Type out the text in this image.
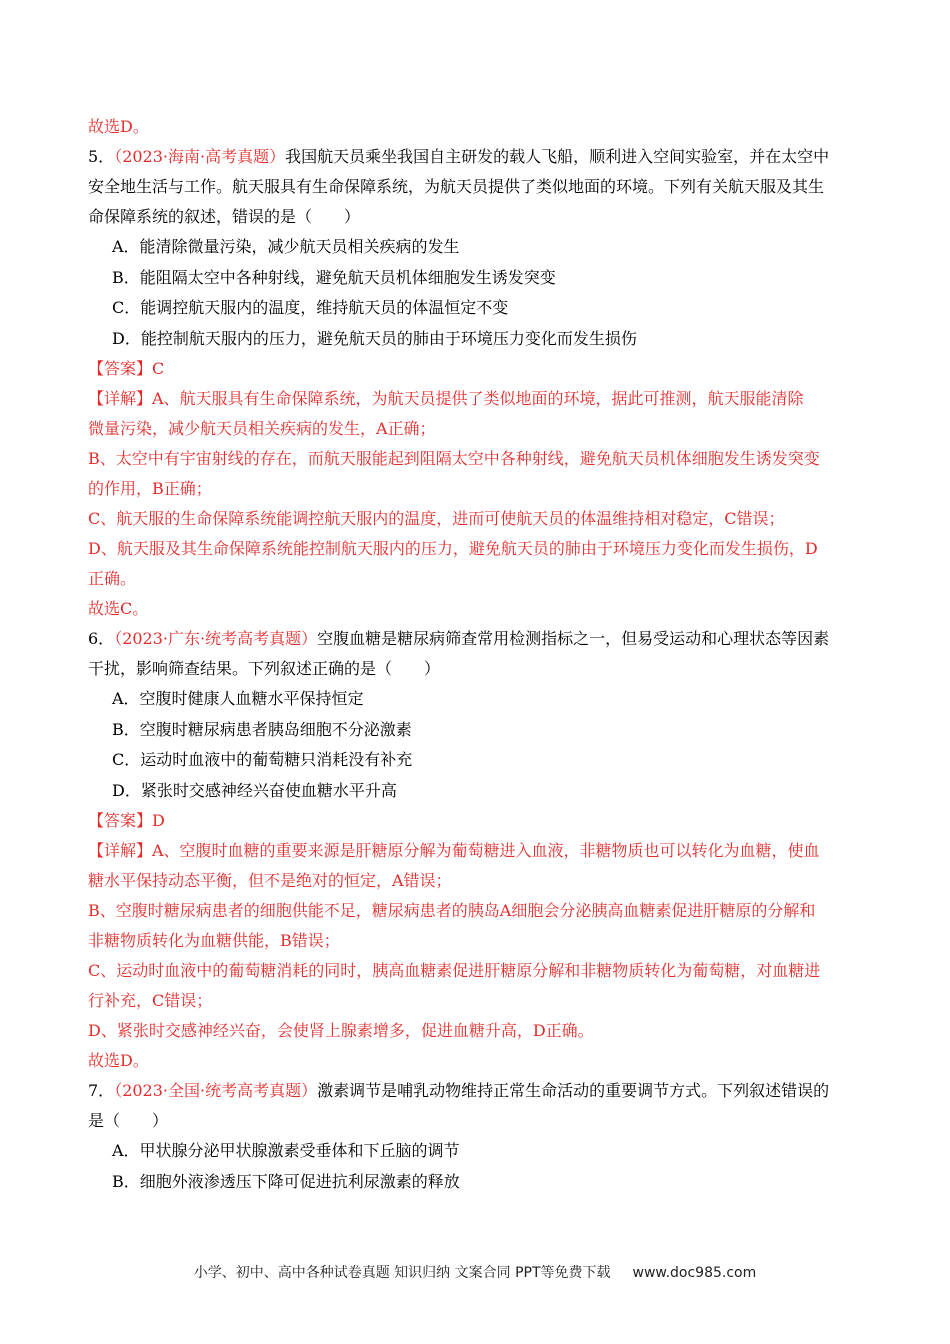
故选D。
5．（2023·海南·高考真题）我国航天员乘坐我国自主研发的载人飞船，顺利进入空间实验室，并在太空中
安全地生活与工作。航天服具有生命保障系统，为航天员提供了类似地面的环境。下列有关航天服及其生
命保障系统的叙述，错误的是（　　）
A．能清除微量污染，减少航天员相关疾病的发生
B．能阻隔太空中各种射线，避免航天员机体细胞发生诱发突变
C．能调控航天服内的温度，维持航天员的体温恒定不变
D．能控制航天服内的压力，避免航天员的肺由于环境压力变化而发生损伤
【答案】C
【详解】A、航天服具有生命保障系统，为航天员提供了类似地面的环境，据此可推测，航天服能清除
微量污染，减少航天员相关疾病的发生，A正确；
B、太空中有宇宙射线的存在，而航天服能起到阻隔太空中各种射线，避免航天员机体细胞发生诱发突变
的作用，B正确；
C、航天服的生命保障系统能调控航天服内的温度，进而可使航天员的体温维持相对稳定，C错误；
D、航天服及其生命保障系统能控制航天服内的压力，避免航天员的肺由于环境压力变化而发生损伤，D
正确。
故选C。
6．（2023·广东·统考高考真题）空腹血糖是糖尿病筛查常用检测指标之一，但易受运动和心理状态等因素
干扰，影响筛查结果。下列叙述正确的是（　　）
A．空腹时健康人血糖水平保持恒定
B．空腹时糖尿病患者胰岛细胞不分泌激素
C．运动时血液中的葡萄糖只消耗没有补充
D．紧张时交感神经兴奋使血糖水平升高
【答案】D
【详解】A、空腹时血糖的重要来源是肝糖原分解为葡萄糖进入血液，非糖物质也可以转化为血糖，使血
糖水平保持动态平衡，但不是绝对的恒定，A错误；
B、空腹时糖尿病患者的细胞供能不足，糖尿病患者的胰岛A细胞会分泌胰高血糖素促进肝糖原的分解和
非糖物质转化为血糖供能，B错误；
C、运动时血液中的葡萄糖消耗的同时，胰高血糖素促进肝糖原分解和非糖物质转化为葡萄糖，对血糖进
行补充，C错误；
D、紧张时交感神经兴奋，会使肾上腺素增多，促进血糖升高，D正确。
故选D。
7．（2023·全国·统考高考真题）激素调节是哺乳动物维持正常生命活动的重要调节方式。下列叙述错误的
是（　　）
A．甲状腺分泌甲状腺激素受垂体和下丘脑的调节
B．细胞外液渗透压下降可促进抗利尿激素的释放
小学、初中、高中各种试卷真题 知识归纳 文案合同 PPT等免费下载 www.doc985.com
